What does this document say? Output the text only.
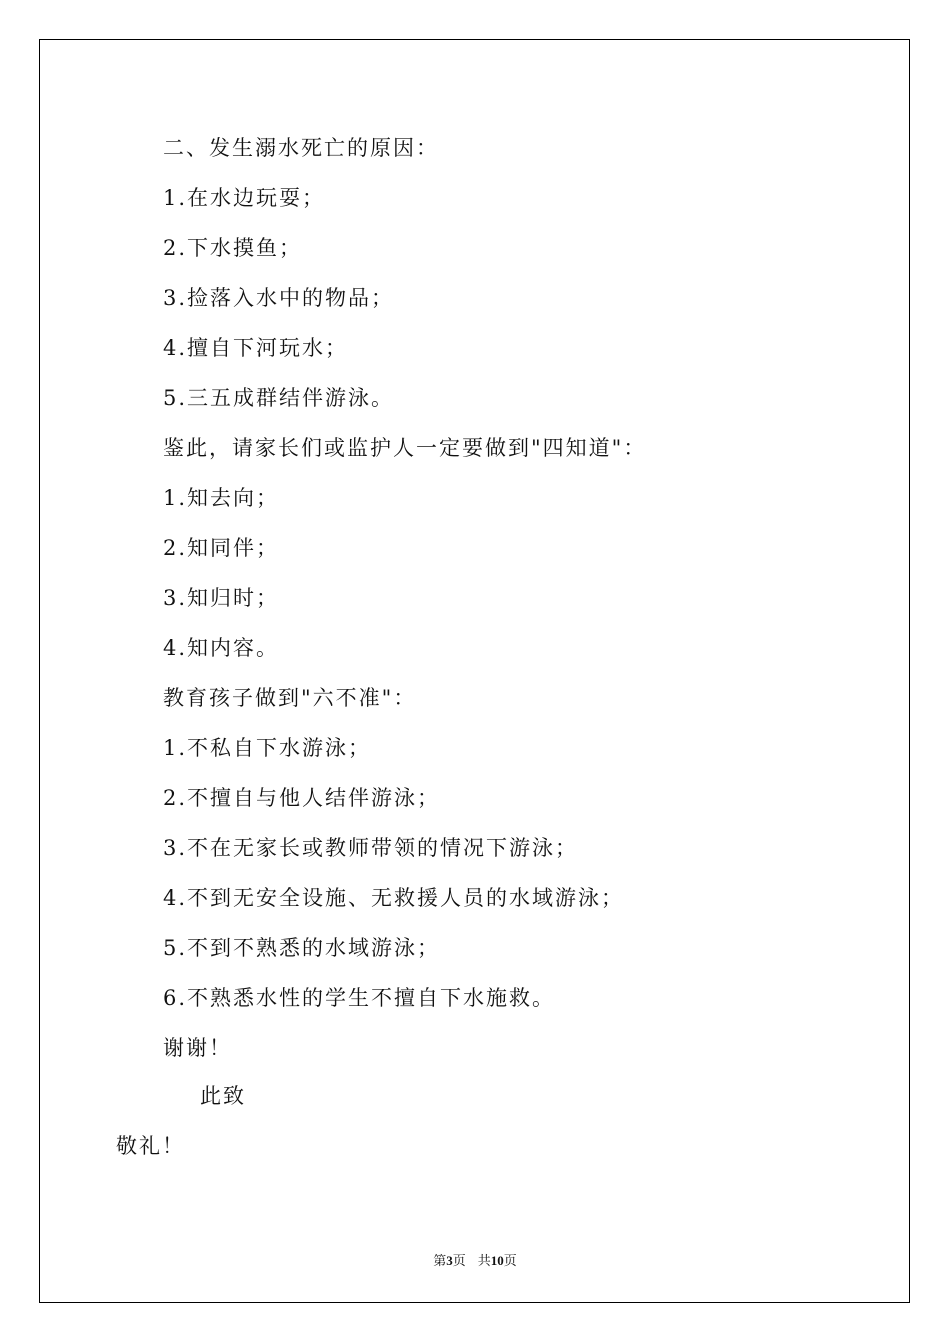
二、发生溺水死亡的原因：
1.在水边玩耍；
2.下水摸鱼；
3.捡落入水中的物品；
4.擅自下河玩水；
5.三五成群结伴游泳。
鉴此，请家长们或监护人一定要做到"四知道"：
1.知去向；
2.知同伴；
3.知归时；
4.知内容。
教育孩子做到"六不准"：
1.不私自下水游泳；
2.不擅自与他人结伴游泳；
3.不在无家长或教师带领的情况下游泳；
4.不到无安全设施、无救援人员的水域游泳；
5.不到不熟悉的水域游泳；
6.不熟悉水性的学生不擅自下水施救。
谢谢！
此致
敬礼！
第3页 共10页
